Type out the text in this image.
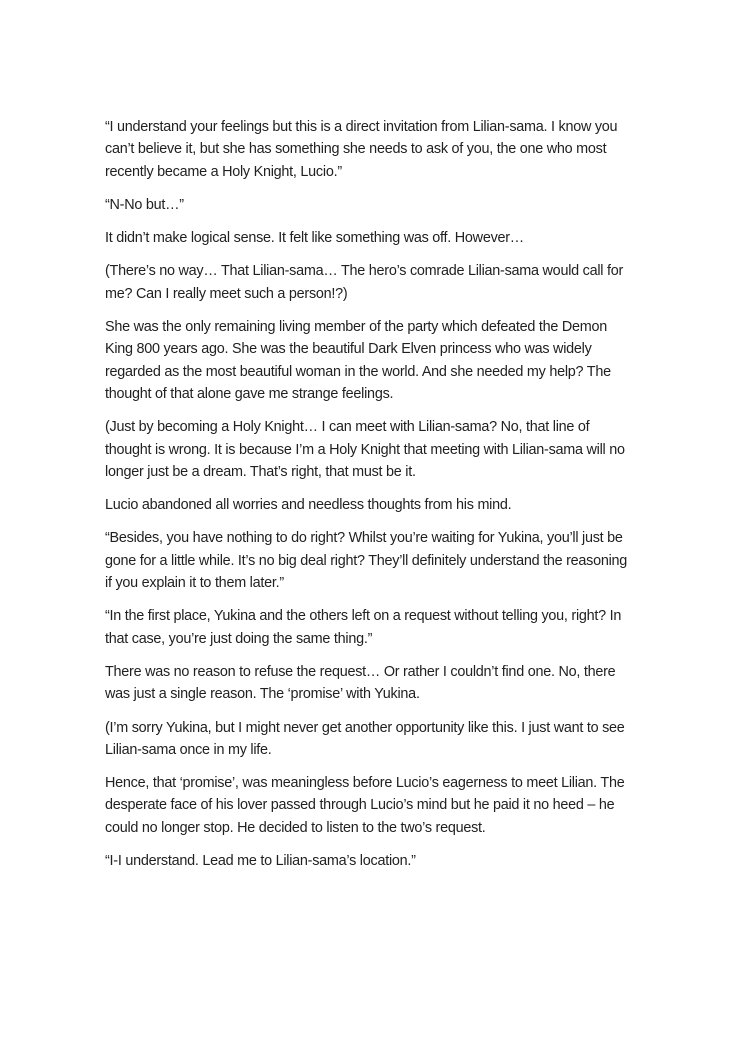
“I understand your feelings but this is a direct invitation from Lilian-sama. I know you can’t believe it, but she has something she needs to ask of you, the one who most recently became a Holy Knight, Lucio.”

“N-No but…”

It didn’t make logical sense. It felt like something was off. However…

(There’s no way… That Lilian-sama… The hero’s comrade Lilian-sama would call for me? Can I really meet such a person!?)

She was the only remaining living member of the party which defeated the Demon King 800 years ago. She was the beautiful Dark Elven princess who was widely regarded as the most beautiful woman in the world. And she needed my help? The thought of that alone gave me strange feelings.

(Just by becoming a Holy Knight… I can meet with Lilian-sama? No, that line of thought is wrong. It is because I’m a Holy Knight that meeting with Lilian-sama will no longer just be a dream. That’s right, that must be it.

Lucio abandoned all worries and needless thoughts from his mind.

“Besides, you have nothing to do right? Whilst you’re waiting for Yukina, you’ll just be gone for a little while. It’s no big deal right? They’ll definitely understand the reasoning if you explain it to them later.”

“In the first place, Yukina and the others left on a request without telling you, right? In that case, you’re just doing the same thing.”

There was no reason to refuse the request… Or rather I couldn’t find one. No, there was just a single reason. The ‘promise’ with Yukina.

(I’m sorry Yukina, but I might never get another opportunity like this. I just want to see Lilian-sama once in my life.

Hence, that ‘promise’, was meaningless before Lucio’s eagerness to meet Lilian. The desperate face of his lover passed through Lucio’s mind but he paid it no heed – he could no longer stop. He decided to listen to the two’s request.

“I-I understand. Lead me to Lilian-sama’s location.”
